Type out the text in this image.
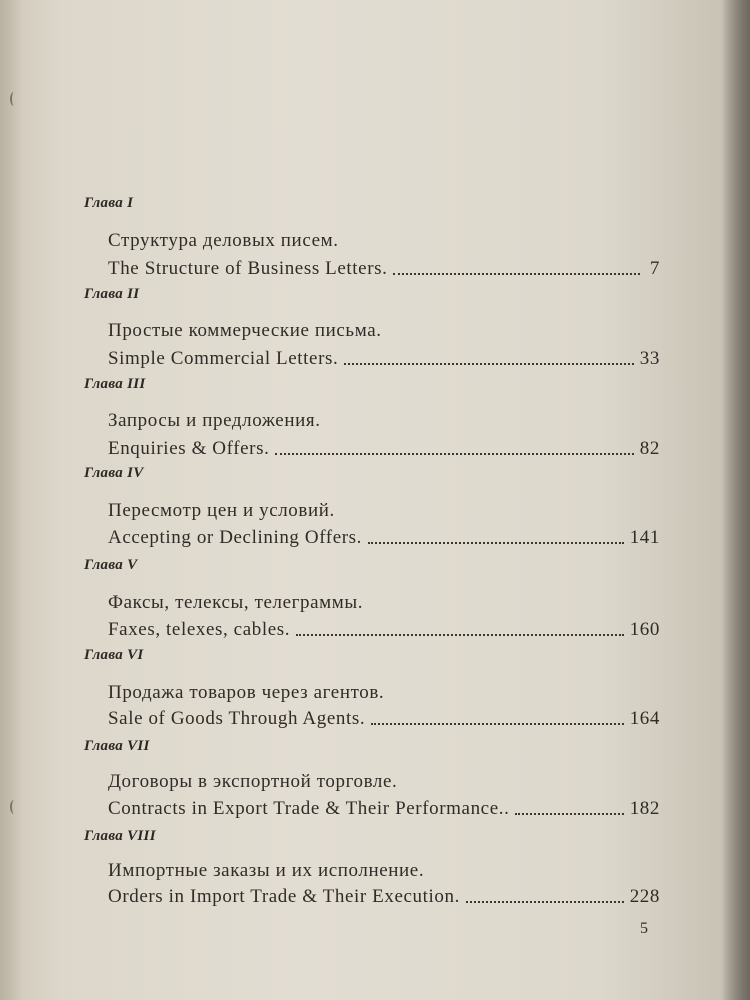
Глава I
Структура деловых писем.
The Structure of Business Letters.	7
Глава II
Простые коммерческие письма.
Simple Commercial Letters.	33
Глава III
Запросы и предложения.
Enquiries & Offers.	82
Глава IV
Пересмотр цен и условий.
Accepting or Declining Offers.	141
Глава V
Факсы, телексы, телеграммы.
Faxes, telexes, cables.	160
Глава VI
Продажа товаров через агентов.
Sale of Goods Through Agents.	164
Глава VII
Договоры в экспортной торговле.
Contracts in Export Trade & Their Performance..	182
Глава VIII
Импортные заказы и их исполнение.
Orders in Import Trade & Their Execution.	228
5
